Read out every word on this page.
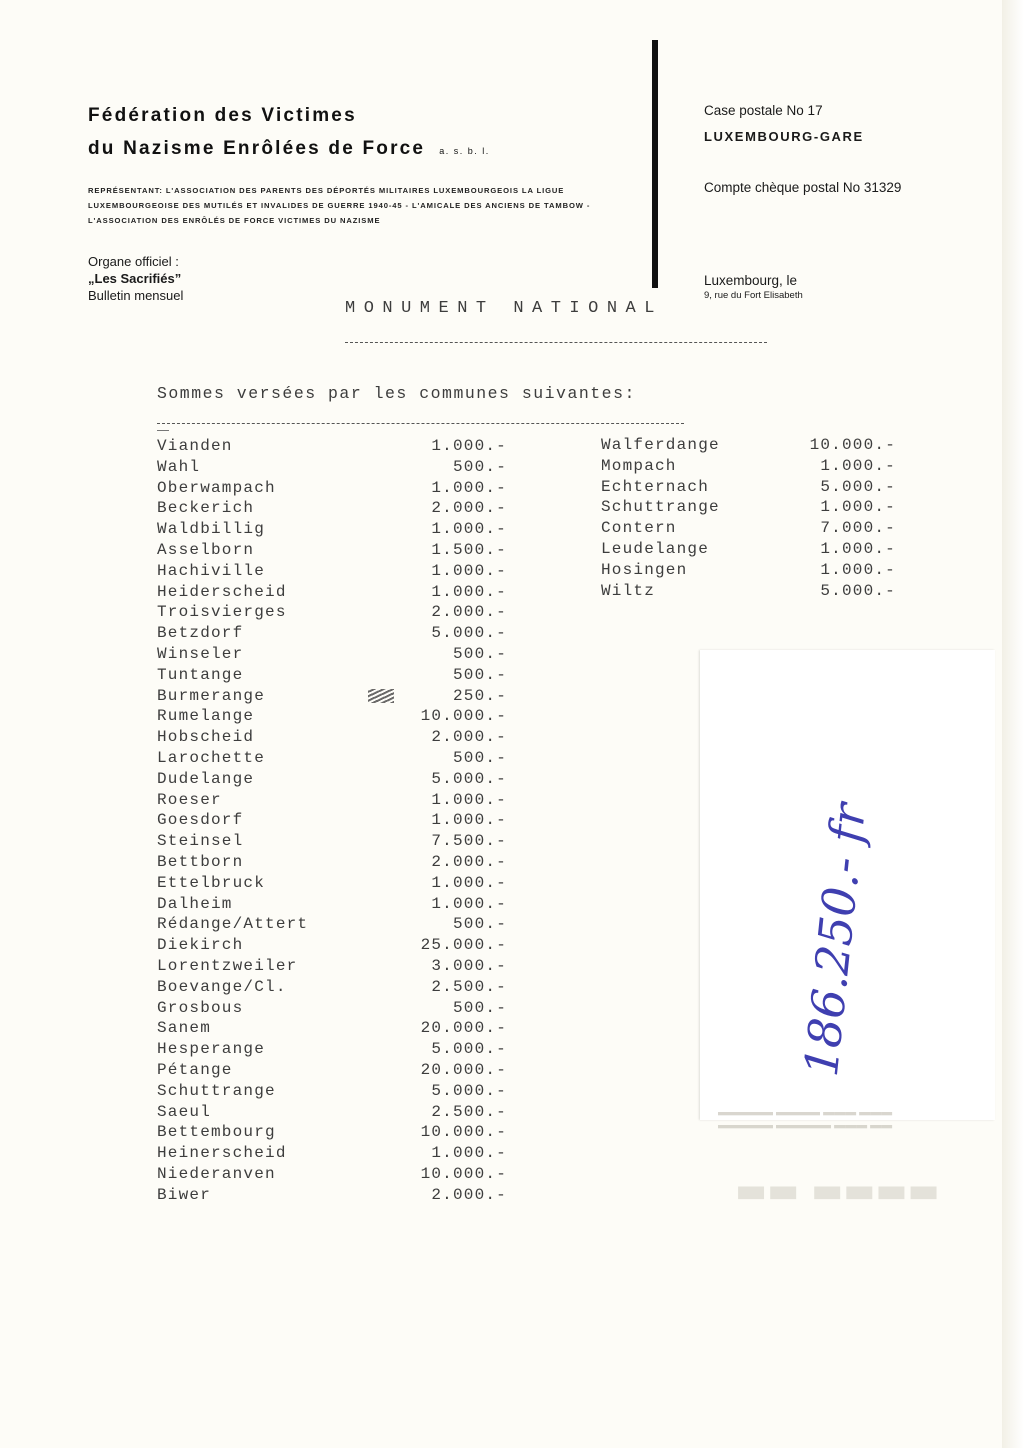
▬▬ ▬▬▬ ▬▬▬▬▬ ▬▬▬▬▬
▬▬▬ ▬▬▬ ▬▬▬▬ ▬▬▬▬▬
▬▬▬▬ ▬▬
Fédération des Victimes
du Nazisme Enrôlées de Force a. s. b. l.
REPRÉSENTANT: L'ASSOCIATION DES PARENTS DES DÉPORTÉS MILITAIRES LUXEMBOURGEOIS LA LIGUE LUXEMBOURGEOISE DES MUTILÉS ET INVALIDES DE GUERRE 1940-45 - L'AMICALE DES ANCIENS DE TAMBOW - L'ASSOCIATION DES ENRÔLÉS DE FORCE VICTIMES DU NAZISME
Organe officiel :
„Les Sacrifiés”
Bulletin mensuel
Case postale No 17
LUXEMBOURG-GARE
Compte chèque postal No 31329
Luxembourg, le
9, rue du Fort Elisabeth
MONUMENT NATIONAL
Sommes versées par les communes suivantes:
Vianden	1.000.-
Wahl	500.-
Oberwampach	1.000.-
Beckerich	2.000.-
Waldbillig	1.000.-
Asselborn	1.500.-
Hachiville	1.000.-
Heiderscheid	1.000.-
Troisvierges	2.000.-
Betzdorf	5.000.-
Winseler	500.-
Tuntange	500.-
Burmerange	250.-
Rumelange	10.000.-
Hobscheid	2.000.-
Larochette	500.-
Dudelange	5.000.-
Roeser	1.000.-
Goesdorf	1.000.-
Steinsel	7.500.-
Bettborn	2.000.-
Ettelbruck	1.000.-
Dalheim	1.000.-
Rédange/Attert	500.-
Diekirch	25.000.-
Lorentzweiler	3.000.-
Boevange/Cl.	2.500.-
Grosbous	500.-
Sanem	20.000.-
Hesperange	5.000.-
Pétange	20.000.-
Schuttrange	5.000.-
Saeul	2.500.-
Bettembourg	10.000.-
Heinerscheid	1.000.-
Niederanven	10.000.-
Biwer	2.000.-
Walferdange	10.000.-
Mompach	1.000.-
Echternach	5.000.-
Schuttrange	1.000.-
Contern	7.000.-
Leudelange	1.000.-
Hosingen	1.000.-
Wiltz	5.000.-
186.250.- fr
